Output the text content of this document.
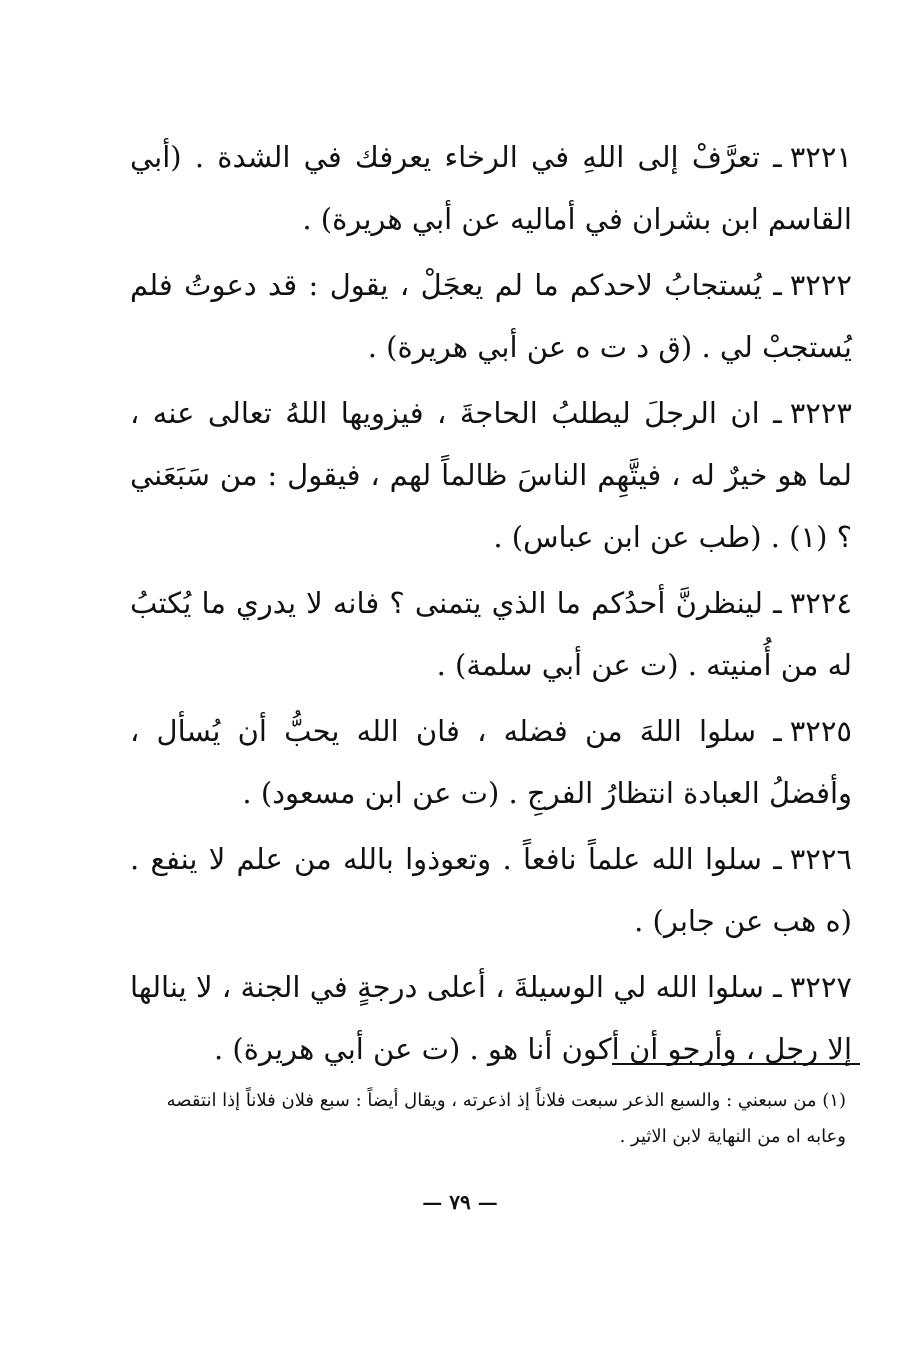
٣٢٢١ـ تعرَّفْ إلى اللهِ في الرخاء يعرفك في الشدة . (أبي القاسم ابن بشران في أماليه عن أبي هريرة) .

٣٢٢٢ـ يُستجابُ لاحدكم ما لم يعجَلْ ، يقول : قد دعوتُ فلم يُستجبْ لي . (ق د ت ه عن أبي هريرة) .

٣٢٢٣ـ ان الرجلَ ليطلبُ الحاجةَ ، فيزويها اللهُ تعالى عنه ، لما هو خيرٌ له ، فيتَّهِم الناسَ ظالماً لهم ، فيقول : من سَبَعَني ؟ (١) . (طب عن ابن عباس) .

٣٢٢٤ـ لينظرنَّ أحدُكم ما الذي يتمنى ؟ فانه لا يدري ما يُكتبُ له من أُمنيته . (ت عن أبي سلمة) .

٣٢٢٥ـ سلوا اللهَ من فضله ، فان الله يحبُّ أن يُسأل ، وأفضلُ العبادة انتظارُ الفرجِ . (ت عن ابن مسعود) .

٣٢٢٦ـ سلوا الله علماً نافعاً . وتعوذوا بالله من علم لا ينفع . (ه هب عن جابر) .

٣٢٢٧ـ سلوا الله لي الوسيلةَ ، أعلى درجةٍ في الجنة ، لا ينالها إلا رجل ، وأرجو أن أكون أنا هو . (ت عن أبي هريرة) .

(١) من سبعني : والسبع الذعر سبعت فلاناً إذ اذعرته ، ويقال أيضاً : سبع فلان فلاناً إذا انتقصه وعابه اه من النهاية لابن الاثير .
— ٧٩ —
